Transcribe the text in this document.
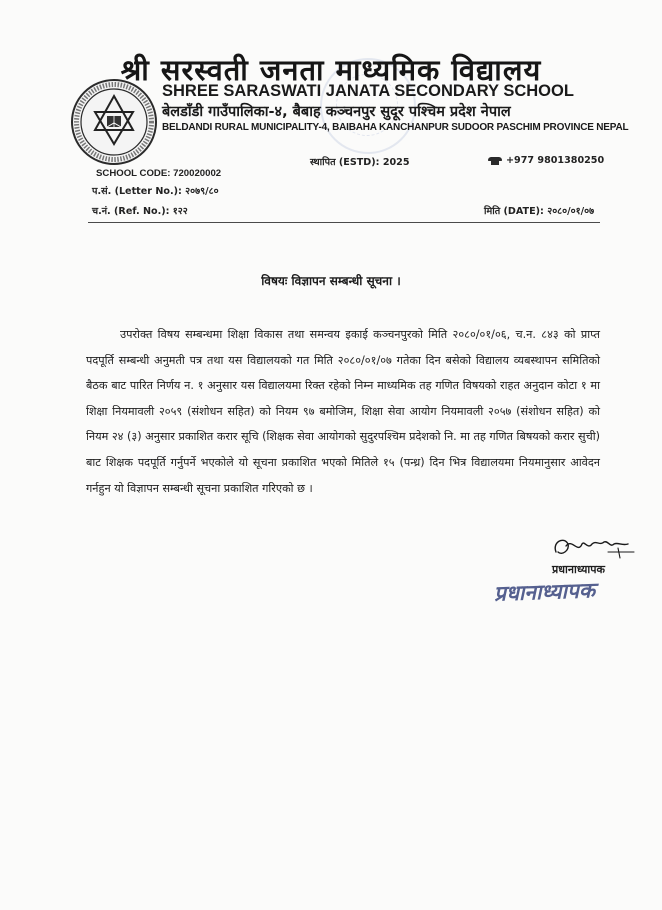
श्री सरस्वती जनता माध्यमिक विद्यालय
SHREE SARASWATI JANATA SECONDARY SCHOOL
बेलडाँडी गाउँपालिका-४, बैबाह कञ्चनपुर सुदूर पश्चिम प्रदेश नेपाल
BELDANDI RURAL MUNICIPALITY-4, BAIBAHA KANCHANPUR SUDOOR PASCHIM PROVINCE NEPAL
स्थापित (ESTD): 2025	+977 9801380250
SCHOOL CODE: 720020002
प.सं. (Letter No.): २०७९/८०
च.नं. (Ref. No.): १२२	मिति (DATE): २०८०/०१/०७
विषयः विज्ञापन सम्बन्धी सूचना ।
उपरोक्त विषय सम्बन्धमा शिक्षा विकास तथा समन्वय इकाई कञ्चनपुरको मिति २०८०/०१/०६, च.न. ८४३ को प्राप्त पदपूर्ति सम्बन्धी अनुमती पत्र तथा यस विद्यालयको गत मिति २०८०/०१/०७ गतेका दिन बसेको विद्यालय व्यबस्थापन समितिको बैठक बाट पारित निर्णय न. १ अनुसार यस विद्यालयमा रिक्त रहेको निम्न माध्यमिक तह गणित विषयको राहत अनुदान कोटा १ मा शिक्षा नियमावली २०५९ (संशोधन सहित) को नियम ९७ बमोजिम, शिक्षा सेवा आयोग नियमावली २०५७ (संशोधन सहित) को नियम २४ (३) अनुसार प्रकाशित करार सूचि (शिक्षक सेवा आयोगको सुदुरपश्चिम प्रदेशको नि. मा तह गणित बिषयको करार सुची) बाट शिक्षक पदपूर्ति गर्नुपर्ने भएकोले यो सूचना प्रकाशित भएको मितिले १५ (पन्ध्र) दिन भित्र विद्यालयमा नियमानुसार आवेदन गर्नहुन यो विज्ञापन सम्बन्धी सूचना प्रकाशित गरिएको छ ।
प्रधानाध्यापक
प्रधानाध्यापक
